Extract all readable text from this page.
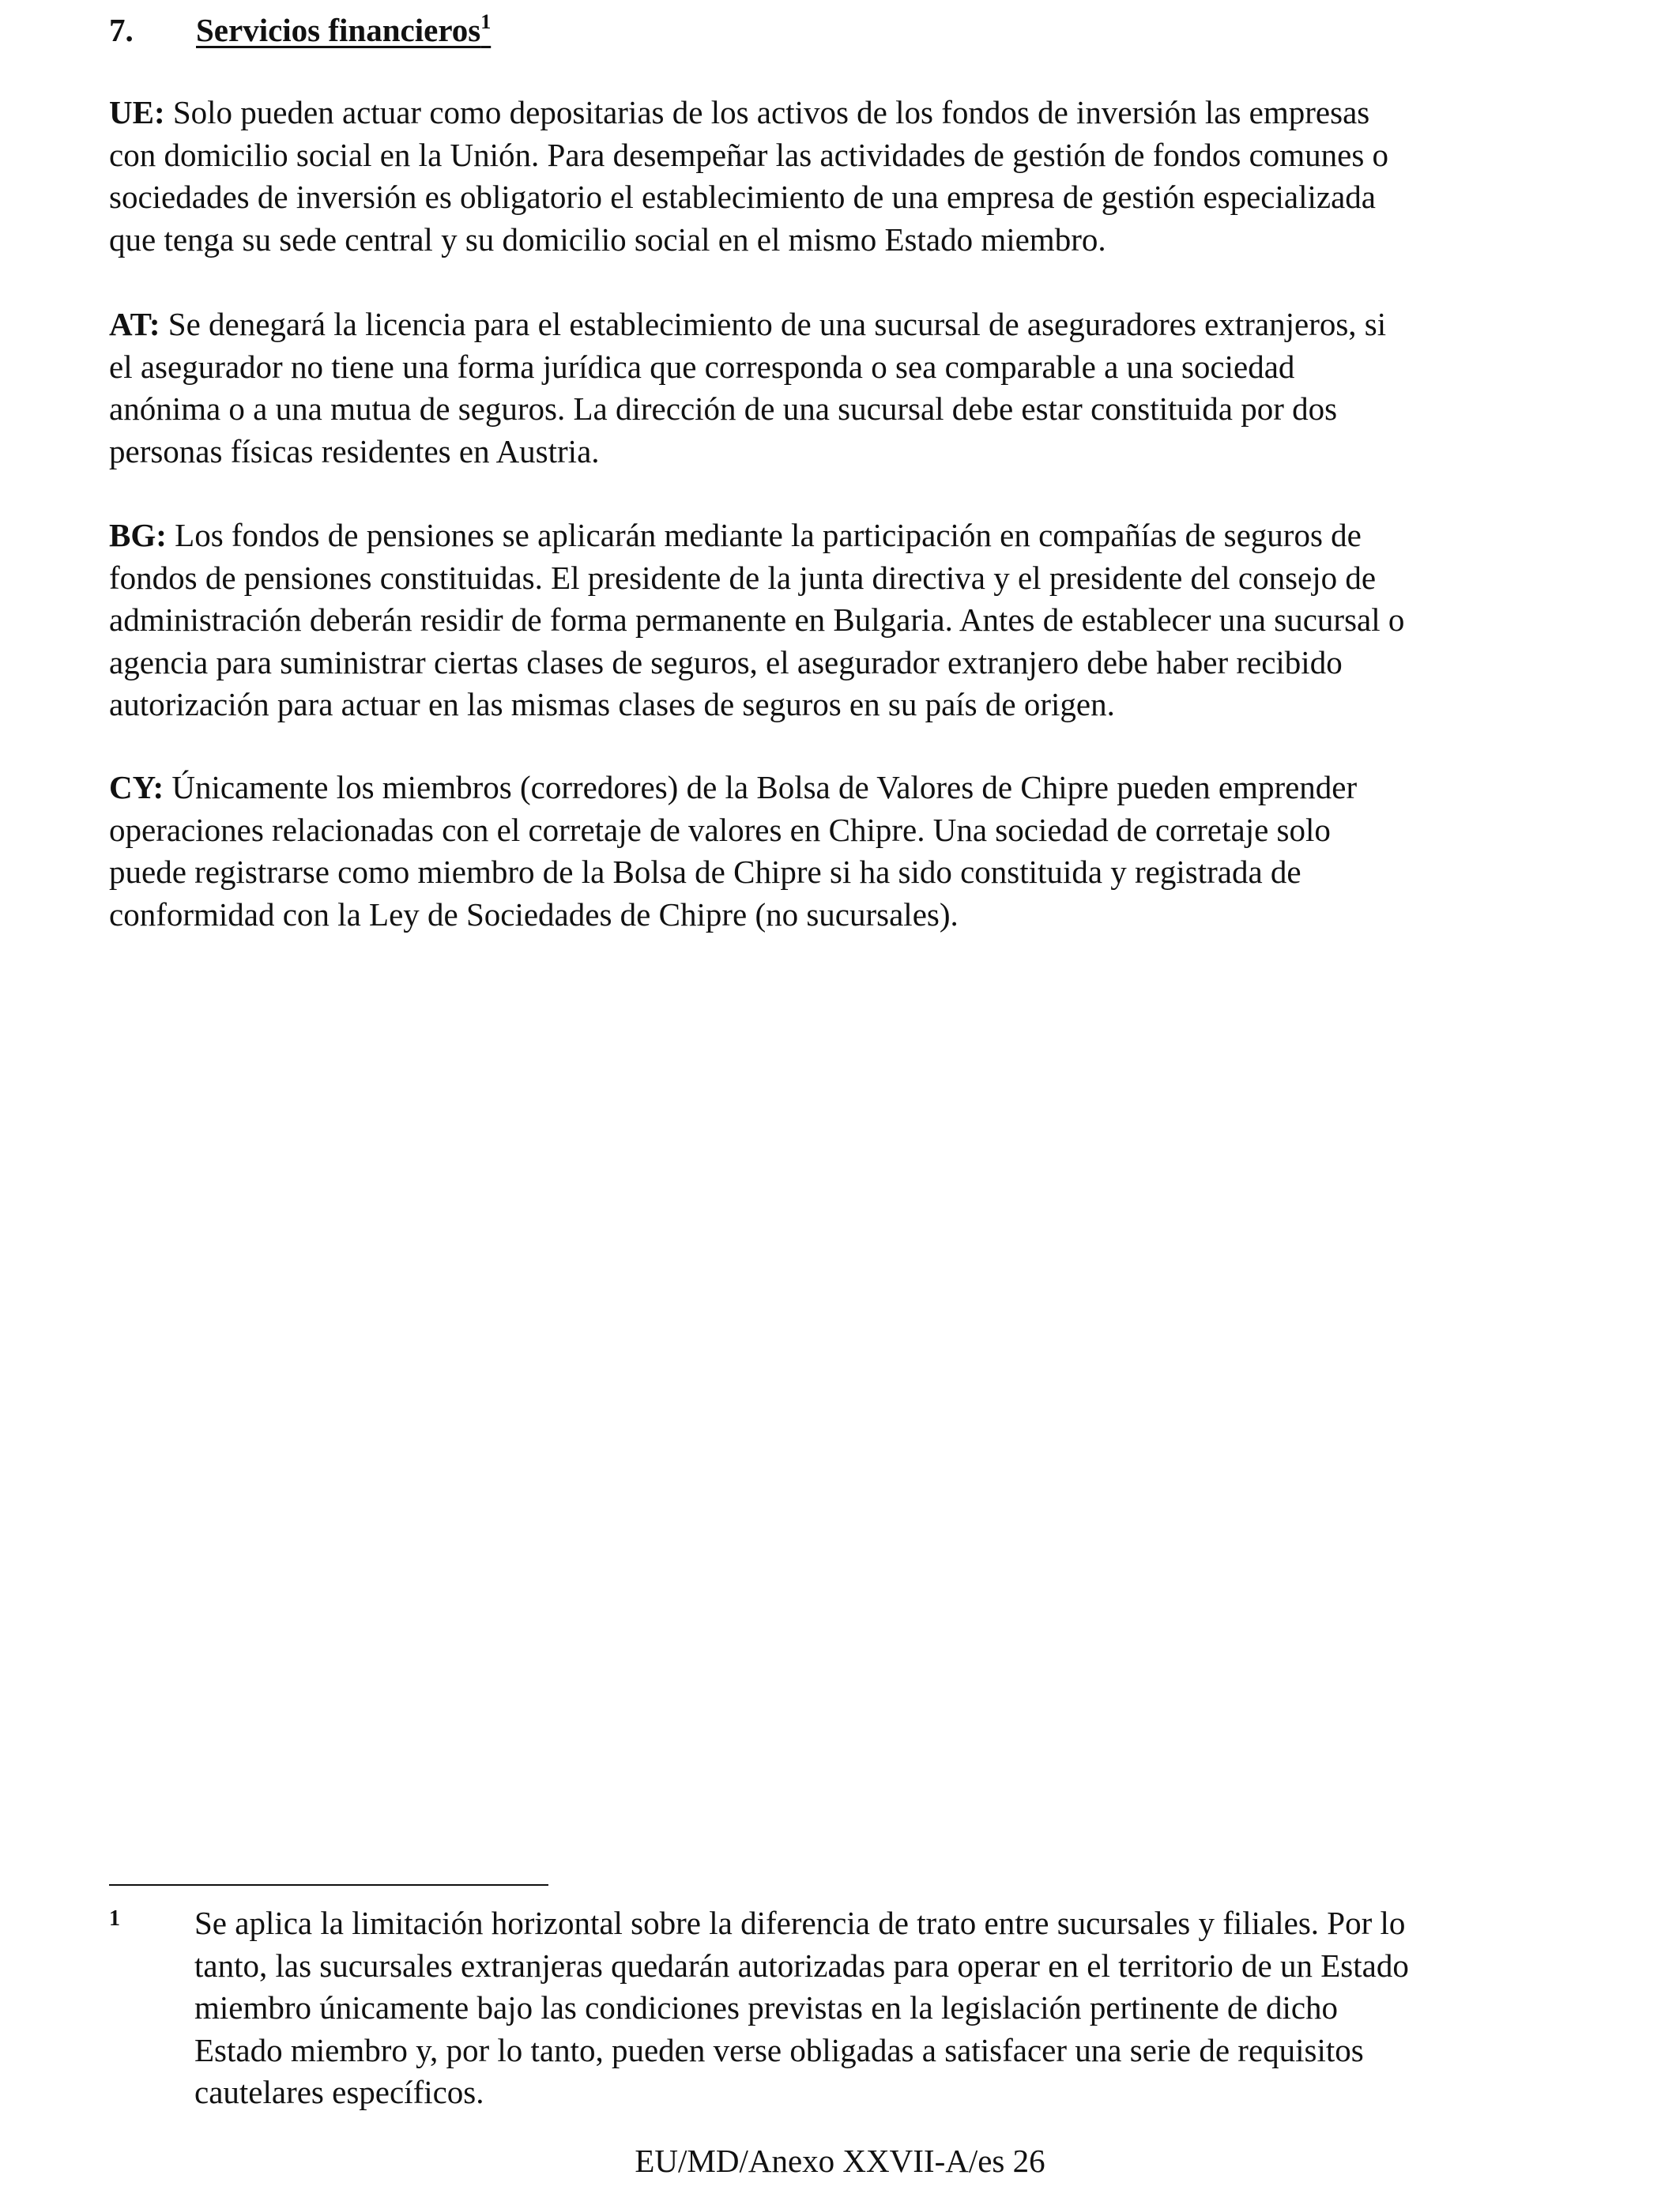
7. Servicios financieros$^1$

UE: Solo pueden actuar como depositarias de los activos de los fondos de inversión las empresas
con domicilio social en la Unión. Para desempeñar las actividades de gestión de fondos comunes o
sociedades de inversión es obligatorio el establecimiento de una empresa de gestión especializada
que tenga su sede central y su domicilio social en el mismo Estado miembro.

AT: Se denegará la licencia para el establecimiento de una sucursal de aseguradores extranjeros, si
el asegurador no tiene una forma jurídica que corresponda o sea comparable a una sociedad
anónima o a una mutua de seguros. La dirección de una sucursal debe estar constituida por dos
personas físicas residentes en Austria.

BG: Los fondos de pensiones se aplicarán mediante la participación en compañías de seguros de
fondos de pensiones constituidas. El presidente de la junta directiva y el presidente del consejo de
administración deberán residir de forma permanente en Bulgaria. Antes de establecer una sucursal o
agencia para suministrar ciertas clases de seguros, el asegurador extranjero debe haber recibido
autorización para actuar en las mismas clases de seguros en su país de origen.

CY: Únicamente los miembros (corredores) de la Bolsa de Valores de Chipre pueden emprender
operaciones relacionadas con el corretaje de valores en Chipre. Una sociedad de corretaje solo
puede registrarse como miembro de la Bolsa de Chipre si ha sido constituida y registrada de
conformidad con la Ley de Sociedades de Chipre (no sucursales).

1 Se aplica la limitación horizontal sobre la diferencia de trato entre sucursales y filiales. Por lo
tanto, las sucursales extranjeras quedarán autorizadas para operar en el territorio de un Estado
miembro únicamente bajo las condiciones previstas en la legislación pertinente de dicho
Estado miembro y, por lo tanto, pueden verse obligadas a satisfacer una serie de requisitos
cautelares específicos.
EU/MD/Anexo XXVII-A/es 26
